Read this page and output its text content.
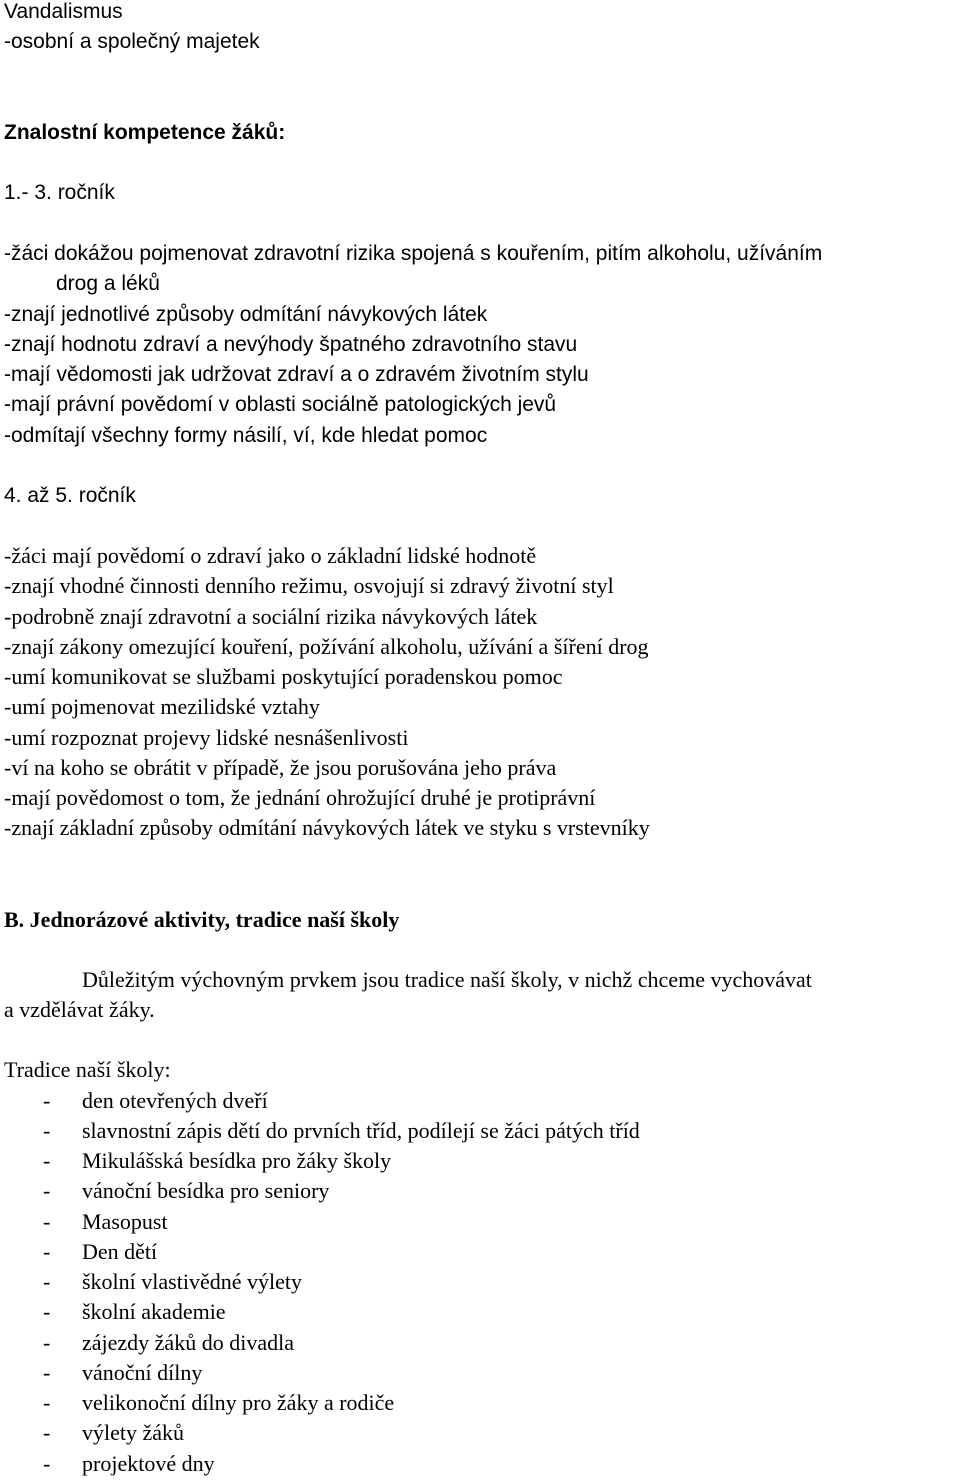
Vandalismus
-osobní a společný majetek
Znalostní kompetence žáků:
1.- 3. ročník
-žáci dokážou pojmenovat zdravotní rizika spojená s kouřením, pitím alkoholu, užíváním
drog a léků
-znají jednotlivé způsoby odmítání návykových látek
-znají hodnotu zdraví a nevýhody špatného zdravotního stavu
-mají vědomosti jak udržovat zdraví a o zdravém životním stylu
-mají právní povědomí v oblasti sociálně patologických jevů
-odmítají všechny formy násilí, ví, kde hledat pomoc
4. až 5. ročník
-žáci mají povědomí o zdraví jako o základní lidské hodnotě
-znají vhodné činnosti denního režimu, osvojují si zdravý životní styl
-podrobně znají zdravotní a sociální rizika návykových látek
-znají zákony omezující kouření, požívání alkoholu, užívání a šíření drog
-umí komunikovat se službami poskytující poradenskou pomoc
-umí pojmenovat mezilidské vztahy
-umí rozpoznat projevy lidské nesnášenlivosti
-ví na koho se obrátit v případě, že jsou porušována jeho práva
-mají povědomost o tom, že jednání ohrožující druhé je protiprávní
-znají základní způsoby odmítání návykových látek ve styku s vrstevníky
B. Jednorázové aktivity, tradice naší školy
Důležitým výchovným prvkem jsou tradice naší školy, v nichž chceme vychovávat
a vzdělávat žáky.
Tradice naší školy:
- den otevřených dveří
- slavnostní zápis dětí do prvních tříd, podílejí se žáci pátých tříd
- Mikulášská besídka pro žáky školy
- vánoční besídka pro seniory
- Masopust
- Den dětí
- školní vlastivědné výlety
- školní akademie
- zájezdy žáků do divadla
- vánoční dílny
- velikonoční dílny pro žáky a rodiče
- výlety žáků
- projektové dny
